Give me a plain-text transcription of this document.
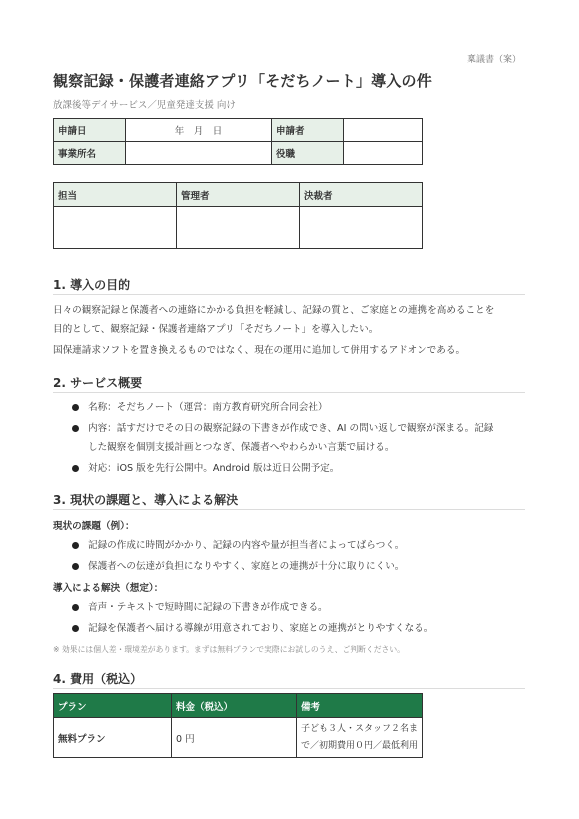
稟議書（案）
観察記録・保護者連絡アプリ「そだちノート」導入の件
放課後等デイサービス／児童発達支援 向け
申請日	年　月　日	申請者	
事業所名		役職	
担当	管理者	決裁者

1. 導入の目的

日々の観察記録と保護者への連絡にかかる負担を軽減し、記録の質と、ご家庭との連携を高めることを

目的として、観察記録・保護者連絡アプリ「そだちノート」を導入したい。

国保連請求ソフトを置き換えるものではなく、現在の運用に追加して併用するアドオンである。

2. サービス概要
名称：そだちノート（運営：南方教育研究所合同会社）
内容：話すだけでその日の観察記録の下書きが作成でき、AI の問い返しで観察が深まる。記録
した観察を個別支援計画とつなぎ、保護者へやわらかい言葉で届ける。
対応：iOS 版を先行公開中。Android 版は近日公開予定。
3. 現状の課題と、導入による解決
現状の課題（例）：
記録の作成に時間がかかり、記録の内容や量が担当者によってばらつく。
保護者への伝達が負担になりやすく、家庭との連携が十分に取りにくい。
導入による解決（想定）：
音声・テキストで短時間に記録の下書きが作成できる。
記録を保護者へ届ける導線が用意されており、家庭との連携がとりやすくなる。
※ 効果には個人差・環境差があります。まずは無料プランで実際にお試しのうえ、ご判断ください。
4. 費用（税込）
プラン	料金（税込）	備考
無料プラン	0 円	子ども３人・スタッフ２名ま
で／初期費用０円／最低利用
